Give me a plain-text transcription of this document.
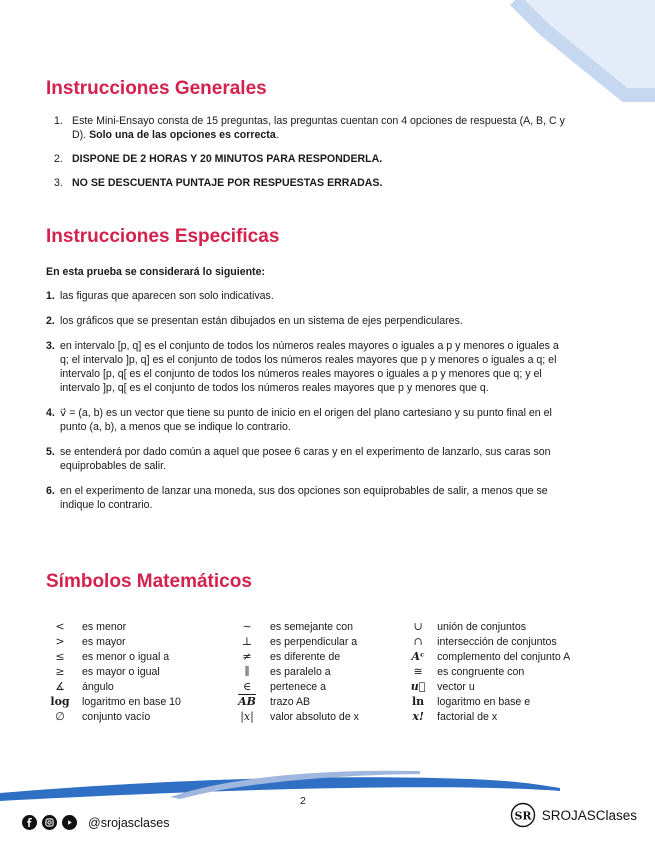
Instrucciones Generales
1. Este Mini-Ensayo consta de 15 preguntas, las preguntas cuentan con 4 opciones de respuesta (A, B, C y D). Solo una de las opciones es correcta.
2. DISPONE DE 2 HORAS Y 20 MINUTOS PARA RESPONDERLA.
3. NO SE DESCUENTA PUNTAJE POR RESPUESTAS ERRADAS.
Instrucciones Especificas
En esta prueba se considerará lo siguiente:
1. las figuras que aparecen son solo indicativas.
2. los gráficos que se presentan están dibujados en un sistema de ejes perpendiculares.
3. en intervalo [p, q] es el conjunto de todos los números reales mayores o iguales a p y menores o iguales a q; el intervalo ]p, q] es el conjunto de todos los números reales mayores que p y menores o iguales a q; el intervalo [p, q[ es el conjunto de todos los números reales mayores o iguales a p y menores que q; y el intervalo ]p, q[ es el conjunto de todos los números reales mayores que p y menores que q.
4. v⃗ = (a, b) es un vector que tiene su punto de inicio en el origen del plano cartesiano y su punto final en el punto (a, b), a menos que se indique lo contrario.
5. se entenderá por dado común a aquel que posee 6 caras y en el experimento de lanzarlo, sus caras son equiprobables de salir.
6. en el experimento de lanzar una moneda, sus dos opciones son equiprobables de salir, a menos que se indique lo contrario.
Símbolos Matemáticos
<	es menor	∼	es semejante con	∪	unión de conjuntos
>	es mayor	⊥	es perpendicular a	∩	intersección de conjuntos
≤	es menor o igual a	≠	es diferente de	Aᶜ	complemento del conjunto A
≥	es mayor o igual	∥	es paralelo a	≅	es congruente con
∡	ángulo	∈	pertenece a	u⃗	vector u
log	logaritmo en base 10	$\overline{AB}$	trazo AB	ln	logaritmo en base e
∅	conjunto vacío	|x|	valor absoluto de x	x!	factorial de x
2
@srojasclases	SR SROJASClases
